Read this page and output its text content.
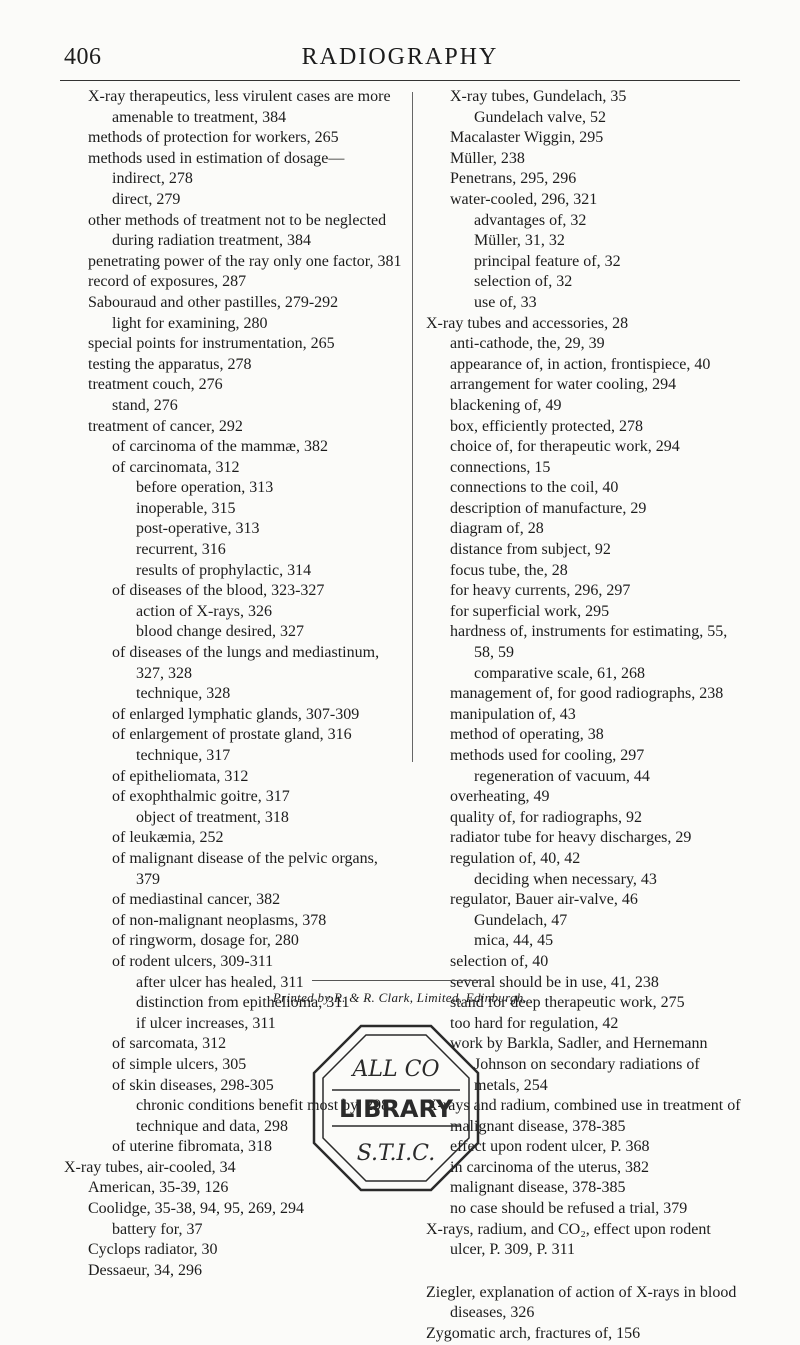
406	RADIOGRAPHY
X-ray therapeutics, less virulent cases are more amenable to treatment, 384
methods of protection for workers, 265
methods used in estimation of dosage—
indirect, 278
direct, 279
other methods of treatment not to be neglected during radiation treatment, 384
penetrating power of the ray only one factor, 381
record of exposures, 287
Sabouraud and other pastilles, 279-292
light for examining, 280
special points for instrumentation, 265
testing the apparatus, 278
treatment couch, 276
stand, 276
treatment of cancer, 292
of carcinoma of the mammæ, 382
of carcinomata, 312
before operation, 313
inoperable, 315
post-operative, 313
recurrent, 316
results of prophylactic, 314
of diseases of the blood, 323-327
action of X-rays, 326
blood change desired, 327
of diseases of the lungs and mediastinum, 327, 328
technique, 328
of enlarged lymphatic glands, 307-309
of enlargement of prostate gland, 316
technique, 317
of epitheliomata, 312
of exophthalmic goitre, 317
object of treatment, 318
of leukæmia, 252
of malignant disease of the pelvic organs, 379
of mediastinal cancer, 382
of non-malignant neoplasms, 378
of ringworm, dosage for, 280
of rodent ulcers, 309-311
after ulcer has healed, 311
distinction from epithelioma, 311
if ulcer increases, 311
of sarcomata, 312
of simple ulcers, 305
of skin diseases, 298-305
chronic conditions benefit most by, 298
technique and data, 298
of uterine fibromata, 318
X-ray tubes, air-cooled, 34
American, 35-39, 126
Coolidge, 35-38, 94, 95, 269, 294
battery for, 37
Cyclops radiator, 30
Dessaeur, 34, 296
X-ray tubes, Gundelach, 35
Gundelach valve, 52
Macalaster Wiggin, 295
Müller, 238
Penetrans, 295, 296
water-cooled, 296, 321
advantages of, 32
Müller, 31, 32
principal feature of, 32
selection of, 32
use of, 33
X-ray tubes and accessories, 28
anti-cathode, the, 29, 39
appearance of, in action, frontispiece, 40
arrangement for water cooling, 294
blackening of, 49
box, efficiently protected, 278
choice of, for therapeutic work, 294
connections, 15
connections to the coil, 40
description of manufacture, 29
diagram of, 28
distance from subject, 92
focus tube, the, 28
for heavy currents, 296, 297
for superficial work, 295
hardness of, instruments for estimating, 55, 58, 59
comparative scale, 61, 268
management of, for good radiographs, 238
manipulation of, 43
method of operating, 38
methods used for cooling, 297
regeneration of vacuum, 44
overheating, 49
quality of, for radiographs, 92
radiator tube for heavy discharges, 29
regulation of, 40, 42
deciding when necessary, 43
regulator, Bauer air-valve, 46
Gundelach, 47
mica, 44, 45
selection of, 40
several should be in use, 41, 238
stand for deep therapeutic work, 275
too hard for regulation, 42
work by Barkla, Sadler, and Hernemann Johnson on secondary radiations of metals, 254
X-rays and radium, combined use in treatment of malignant disease, 378-385
effect upon rodent ulcer, P. 368
in carcinoma of the uterus, 382
malignant disease, 378-385
no case should be refused a trial, 379
X-rays, radium, and CO₂, effect upon rodent ulcer, P. 309, P. 311
Ziegler, explanation of action of X-rays in blood diseases, 326
Zygomatic arch, fractures of, 156
Printed by R. & R. Clark, Limited, Edinburgh.
ALL CO
LIBRARY
S.T.I.C.
